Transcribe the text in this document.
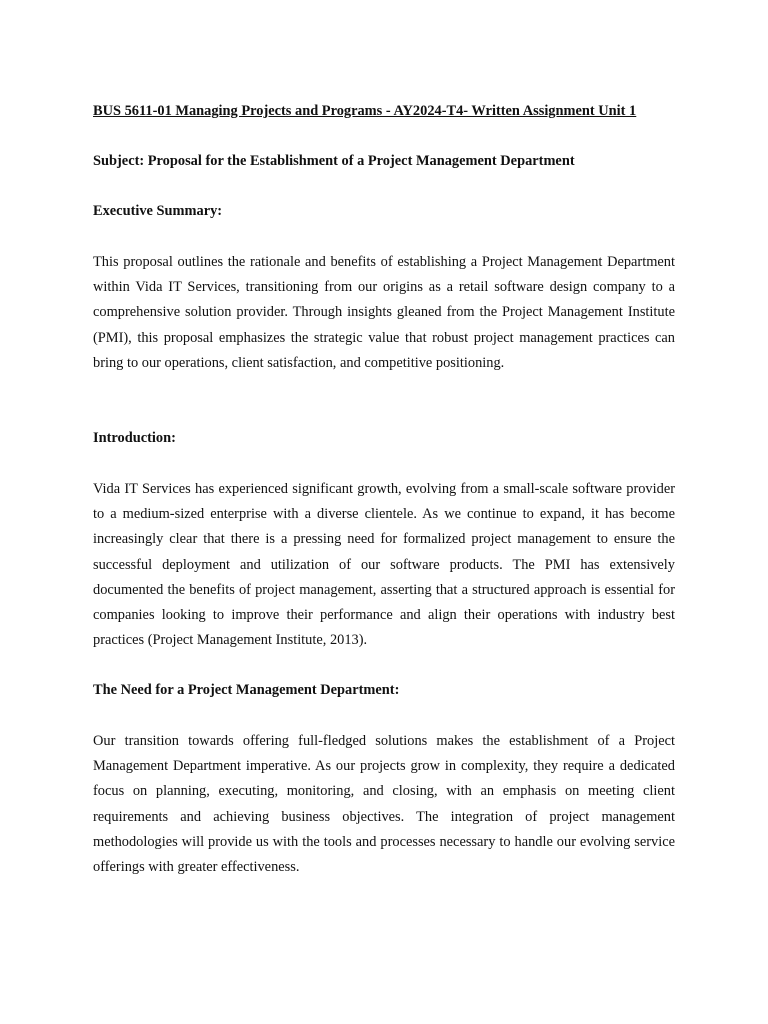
BUS 5611-01 Managing Projects and Programs - AY2024-T4- Written Assignment Unit 1
Subject: Proposal for the Establishment of a Project Management Department
Executive Summary:

This proposal outlines the rationale and benefits of establishing a Project Management Department within Vida IT Services, transitioning from our origins as a retail software design company to a comprehensive solution provider. Through insights gleaned from the Project Management Institute (PMI), this proposal emphasizes the strategic value that robust project management practices can bring to our operations, client satisfaction, and competitive positioning.

Introduction:

Vida IT Services has experienced significant growth, evolving from a small-scale software provider to a medium-sized enterprise with a diverse clientele. As we continue to expand, it has become increasingly clear that there is a pressing need for formalized project management to ensure the successful deployment and utilization of our software products. The PMI has extensively documented the benefits of project management, asserting that a structured approach is essential for companies looking to improve their performance and align their operations with industry best practices (Project Management Institute, 2013).

The Need for a Project Management Department:

Our transition towards offering full-fledged solutions makes the establishment of a Project Management Department imperative. As our projects grow in complexity, they require a dedicated focus on planning, executing, monitoring, and closing, with an emphasis on meeting client requirements and achieving business objectives. The integration of project management methodologies will provide us with the tools and processes necessary to handle our evolving service offerings with greater effectiveness.
